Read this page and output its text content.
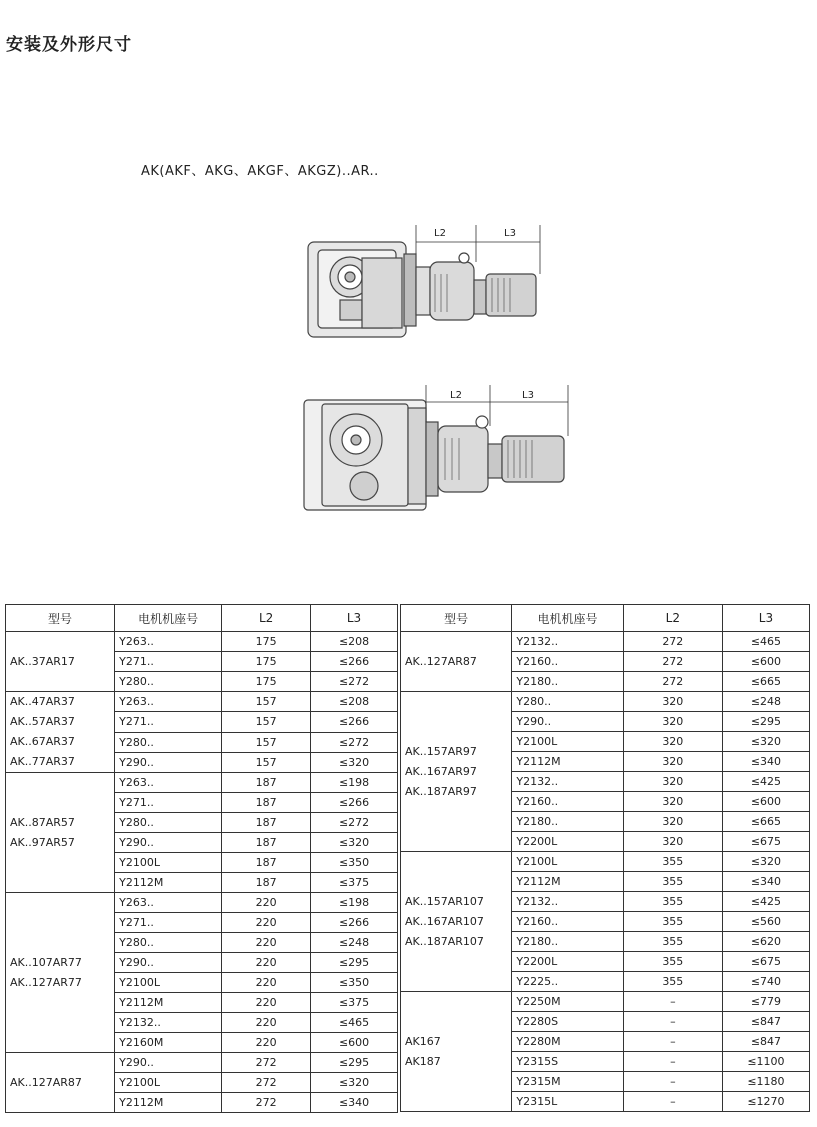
安装及外形尺寸
AK(AKF、AKG、AKGF、AKGZ)..AR..
L2	L3
L2	L3
型号	电机机座号	L2	L3

AK..37AR17	Y263..	175	≤208
	Y271..	175	≤266
	Y280..	175	≤272

AK..47AR37
AK..57AR37
AK..67AR37
AK..77AR37	Y263..	157	≤208
	Y271..	157	≤266
	Y280..	157	≤272
	Y290..	157	≤320

AK..87AR57
AK..97AR57	Y263..	187	≤198
	Y271..	187	≤266
	Y280..	187	≤272
	Y290..	187	≤320
	Y2100L	187	≤350
	Y2112M	187	≤375

AK..107AR77
AK..127AR77	Y263..	220	≤198
	Y271..	220	≤266
	Y280..	220	≤248
	Y290..	220	≤295
	Y2100L	220	≤350
	Y2112M	220	≤375
	Y2132..	220	≤465
	Y2160M	220	≤600

AK..127AR87	Y290..	272	≤295
	Y2100L	272	≤320
	Y2112M	272	≤340
型号	电机机座号	L2	L3

AK..127AR87	Y2132..	272	≤465
	Y2160..	272	≤600
	Y2180..	272	≤665

AK..157AR97
AK..167AR97
AK..187AR97	Y280..	320	≤248
	Y290..	320	≤295
	Y2100L	320	≤320
	Y2112M	320	≤340
	Y2132..	320	≤425
	Y2160..	320	≤600
	Y2180..	320	≤665
	Y2200L	320	≤675

AK..157AR107
AK..167AR107
AK..187AR107	Y2100L	355	≤320
	Y2112M	355	≤340
	Y2132..	355	≤425
	Y2160..	355	≤560
	Y2180..	355	≤620
	Y2200L	355	≤675
	Y2225..	355	≤740

AK167
AK187	Y2250M	–	≤779
	Y2280S	–	≤847
	Y2280M	–	≤847
	Y2315S	–	≤1100
	Y2315M	–	≤1180
	Y2315L	–	≤1270
